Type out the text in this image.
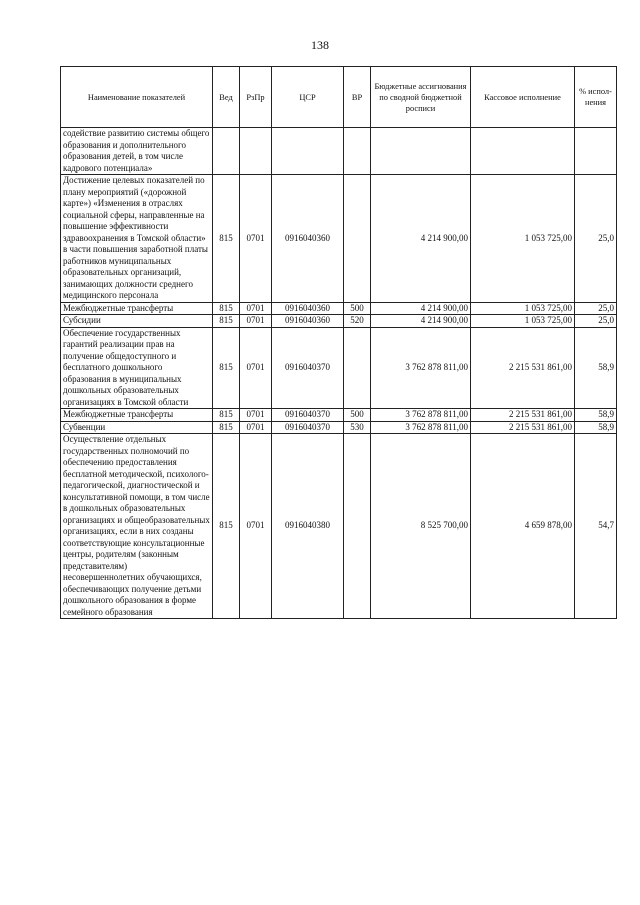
138
Наименование показателей	Вед	РзПр	ЦСР	ВР	Бюджетные ассигнования по сводной бюджетной росписи	Кассовое исполнение	% испол-нения
содействие развитию системы общего образования и дополнительного образования детей, в том числе кадрового потенциала»							
Достижение целевых показателей по плану мероприятий («дорожной карте») «Изменения в отраслях социальной сферы, направленные на повышение эффективности здравоохранения в Томской области» в части повышения заработной платы работников муниципальных образовательных организаций, занимающих должности среднего медицинского персонала	815	0701	0916040360		4 214 900,00	1 053 725,00	25,0
Межбюджетные трансферты	815	0701	0916040360	500	4 214 900,00	1 053 725,00	25,0
Субсидии	815	0701	0916040360	520	4 214 900,00	1 053 725,00	25,0
Обеспечение государственных гарантий реализации прав на получение общедоступного и бесплатного дошкольного образования в муниципальных дошкольных образовательных организациях в Томской области	815	0701	0916040370		3 762 878 811,00	2 215 531 861,00	58,9
Межбюджетные трансферты	815	0701	0916040370	500	3 762 878 811,00	2 215 531 861,00	58,9
Субвенции	815	0701	0916040370	530	3 762 878 811,00	2 215 531 861,00	58,9
Осуществление отдельных государственных полномочий по обеспечению предоставления бесплатной методической, психолого-педагогической, диагностической и консультативной помощи, в том числе в дошкольных образовательных организациях и общеобразовательных организациях, если в них созданы соответствующие консультационные центры, родителям (законным представителям) несовершеннолетних обучающихся, обеспечивающих получение детьми дошкольного образования в форме семейного образования	815	0701	0916040380		8 525 700,00	4 659 878,00	54,7
